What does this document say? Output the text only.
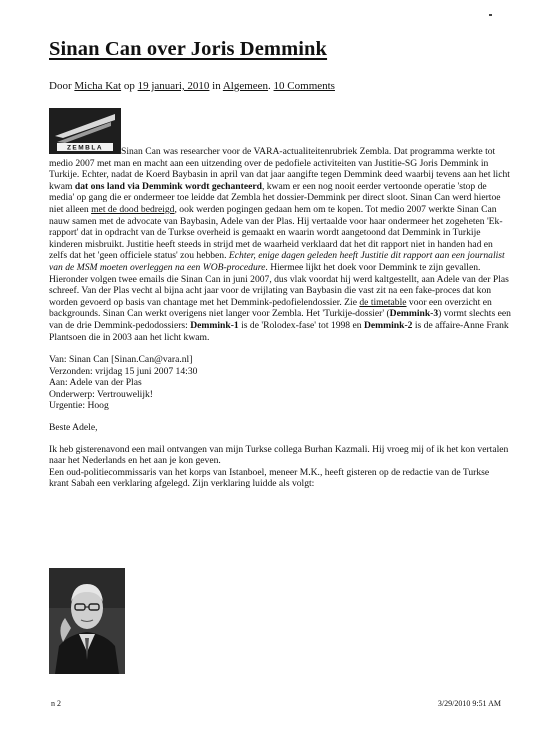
Sinan Can over Joris Demmink
Door Micha Kat op 19 januari, 2010 in Algemeen. 10 Comments
ZEMBLA	Sinan Can was researcher voor de VARA-actualiteitenrubriek Zembla. Dat programma werkte tot medio 2007 met man en macht aan een uitzending over de pedofiele activiteiten van Justitie-SG Joris Demmink in Turkije. Echter, nadat de Koerd Baybasin in april van dat jaar aangifte tegen Demmink deed waarbij tevens aan het licht kwam dat ons land via Demmink wordt gechanteerd, kwam er een nog nooit eerder vertoonde operatie 'stop de media' op gang die er ondermeer toe leidde dat Zembla het dossier-Demmink per direct sloot. Sinan Can werd hiertoe niet alleen met de dood bedreigd, ook werden pogingen gedaan hem om te kopen. Tot medio 2007 werkte Sinan Can nauw samen met de advocate van Baybasin, Adele van der Plas. Hij vertaalde voor haar ondermeer het zogeheten 'Ek-rapport' dat in opdracht van de Turkse overheid is gemaakt en waarin wordt aangetoond dat Demmink in Turkije kinderen misbruikt. Justitie heeft steeds in strijd met de waarheid verklaard dat het dit rapport niet in handen had en zelfs dat het 'geen officiele status' zou hebben. Echter, enige dagen geleden heeft Justitie dit rapport aan een journalist van de MSM moeten overleggen na een WOB-procedure. Hiermee lijkt het doek voor Demmink te zijn gevallen. Hieronder volgen twee emails die Sinan Can in juni 2007, dus vlak voordat hij werd kaltgestellt, aan Adele van der Plas schreef. Van der Plas vecht al bijna acht jaar voor de vrijlating van Baybasin die vast zit na een fake-proces dat kon worden gevoerd op basis van chantage met het Demmink-pedofielendossier. Zie de timetable voor een overzicht en backgrounds. Sinan Can werkt overigens niet langer voor Zembla. Het 'Turkije-dossier' (Demmink-3) vormt slechts een van de drie Demmink-pedodossiers: Demmink-1 is de 'Rolodex-fase' tot 1998 en Demmink-2 is de affaire-Anne Frank Plantsoen die in 2003 aan het licht kwam.

Van: Sinan Can [Sinan.Can@vara.nl]

Verzonden: vrijdag 15 juni 2007 14:30

Aan: Adele van der Plas

Onderwerp: Vertrouwelijk!

Urgentie: Hoog

Beste Adele,

Ik heb gisterenavond een mail ontvangen van mijn Turkse collega Burhan Kazmali. Hij vroeg mij of ik het kon vertalen naar het Nederlands en het aan je kon geven.

Een oud-politiecommissaris van het korps van Istanboel, meneer M.K., heeft gisteren op de redactie van de Turkse krant Sabah een verklaring afgelegd. Zijn verklaring luidde als volgt:

n 2	3/29/2010 9:51 AM
